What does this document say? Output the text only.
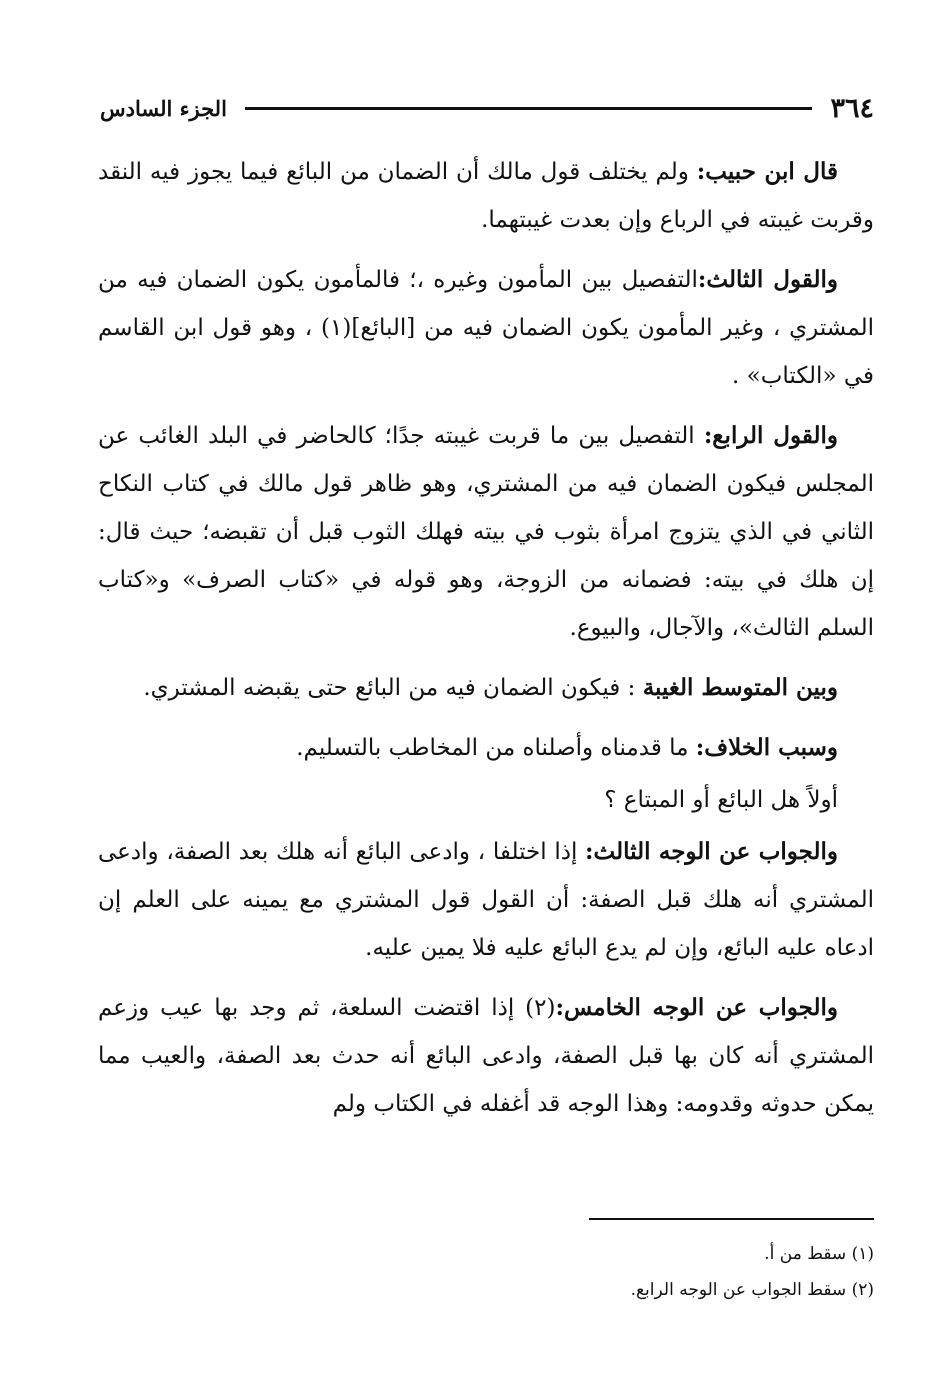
٣٦٤
الجزء السادس

قال ابن حبيب: ولم يختلف قول مالك أن الضمان من البائع فيما يجوز فيه النقد وقربت غيبته في الرباع وإن بعدت غيبتهما.

والقول الثالث:التفصيل بين المأمون وغيره ،؛ فالمأمون يكون الضمان فيه من المشتري ، وغير المأمون يكون الضمان فيه من [البائع](١) ، وهو قول ابن القاسم في «الكتاب» .

والقول الرابع: التفصيل بين ما قربت غيبته جدًا؛ كالحاضر في البلد الغائب عن المجلس فيكون الضمان فيه من المشتري، وهو ظاهر قول مالك في كتاب النكاح الثاني في الذي يتزوج امرأة بثوب في بيته فهلك الثوب قبل أن تقبضه؛ حيث قال: إن هلك في بيته: فضمانه من الزوجة، وهو قوله في «كتاب الصرف» و«كتاب السلم الثالث»، والآجال، والبيوع.

وبين المتوسط الغيبة : فيكون الضمان فيه من البائع حتى يقبضه المشتري.

وسبب الخلاف: ما قدمناه وأصلناه من المخاطب بالتسليم.

أولاً هل البائع أو المبتاع ؟

والجواب عن الوجه الثالث: إذا اختلفا ، وادعى البائع أنه هلك بعد الصفة، وادعى المشتري أنه هلك قبل الصفة: أن القول قول المشتري مع يمينه على العلم إن ادعاه عليه البائع، وإن لم يدع البائع عليه فلا يمين عليه.

والجواب عن الوجه الخامس:(٢) إذا اقتضت السلعة، ثم وجد بها عيب وزعم المشتري أنه كان بها قبل الصفة، وادعى البائع أنه حدث بعد الصفة، والعيب مما يمكن حدوثه وقدومه: وهذا الوجه قد أغفله في الكتاب ولم

(١) سقط من أ.

(٢) سقط الجواب عن الوجه الرابع.
